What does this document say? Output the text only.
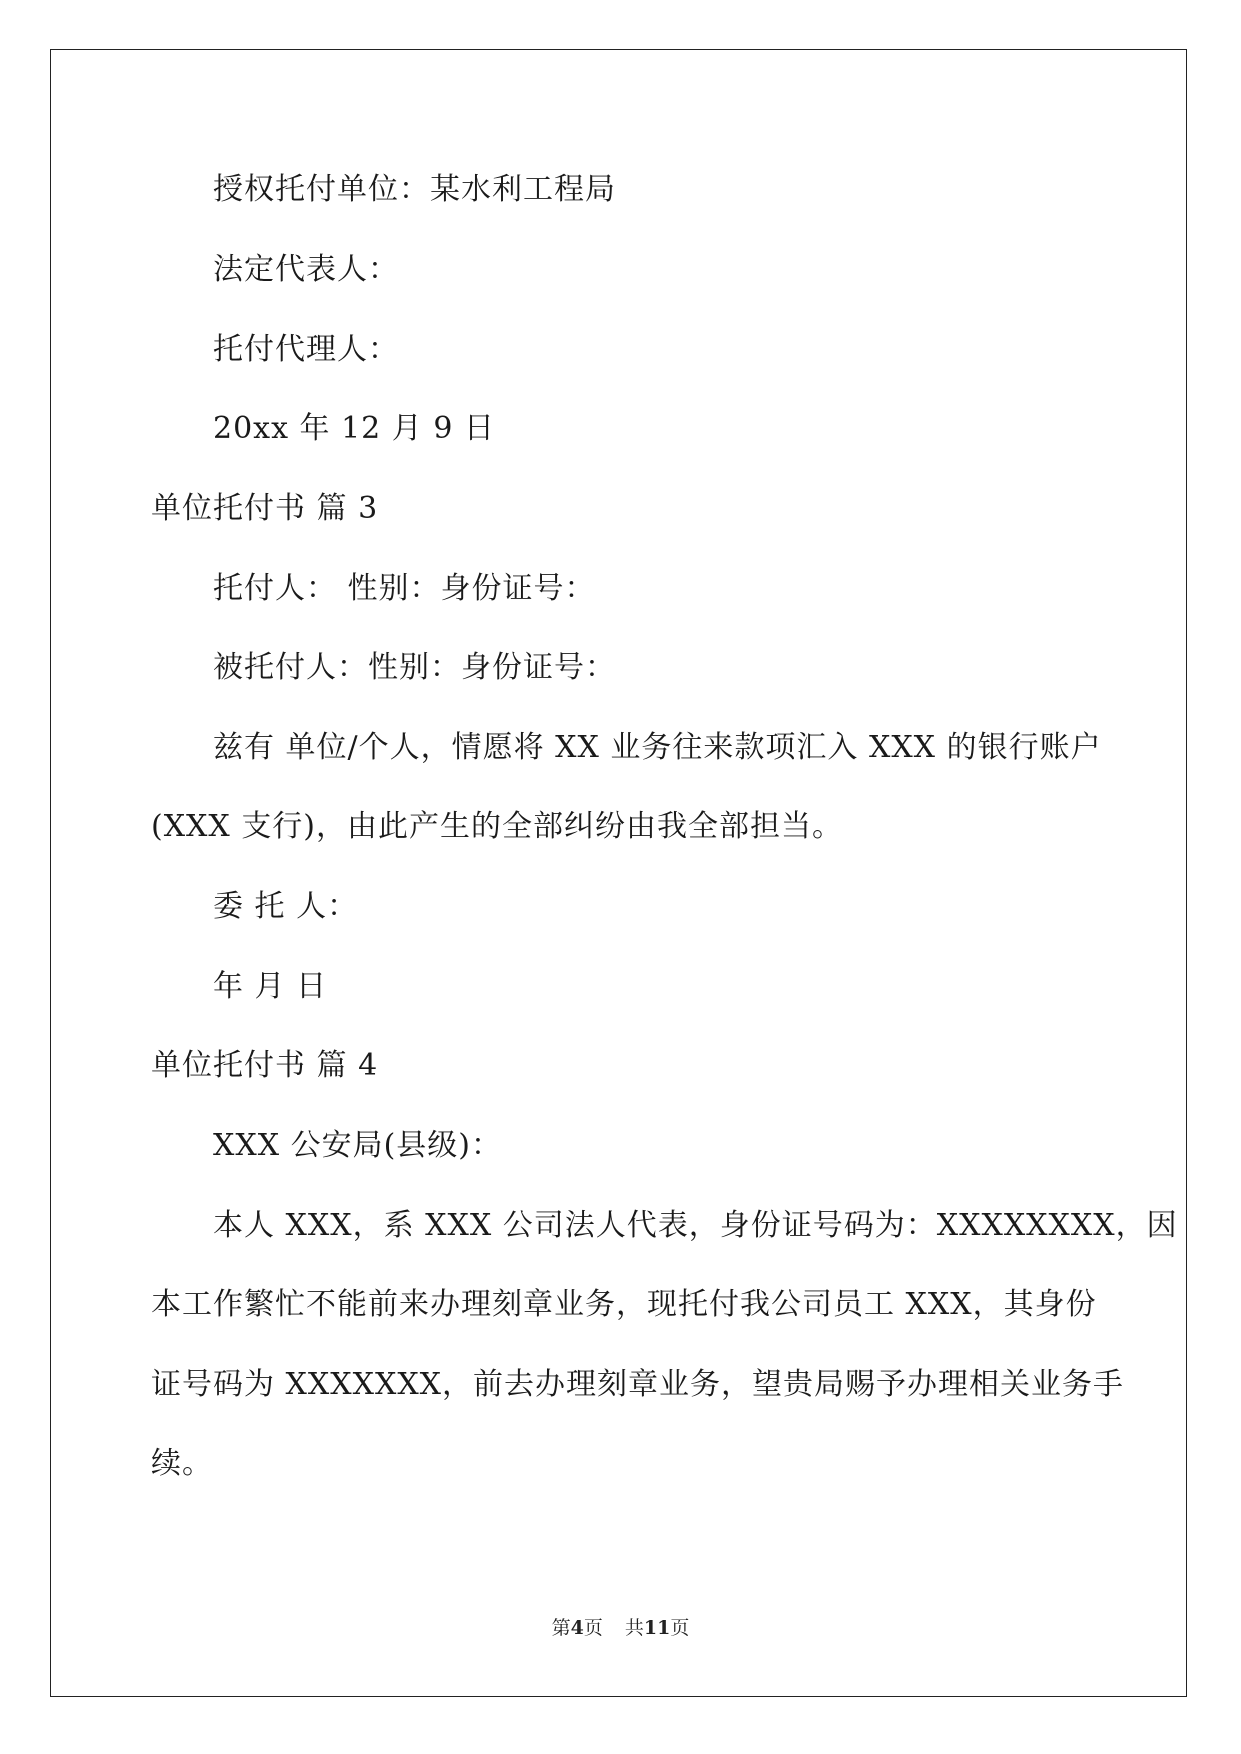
授权托付单位：某水利工程局
法定代表人：
托付代理人：
20xx 年 12 月 9 日
单位托付书 篇 3
托付人： 性别：身份证号：
被托付人：性别：身份证号：
兹有 单位/个人，情愿将 XX 业务往来款项汇入 XXX 的银行账户
(XXX 支行)，由此产生的全部纠纷由我全部担当。
委 托 人：
年 月 日
单位托付书 篇 4
XXX 公安局(县级)：
本人 XXX，系 XXX 公司法人代表，身份证号码为：XXXXXXXX，因
本工作繁忙不能前来办理刻章业务，现托付我公司员工 XXX，其身份
证号码为 XXXXXXX，前去办理刻章业务，望贵局赐予办理相关业务手
续。
第4页 共11页
